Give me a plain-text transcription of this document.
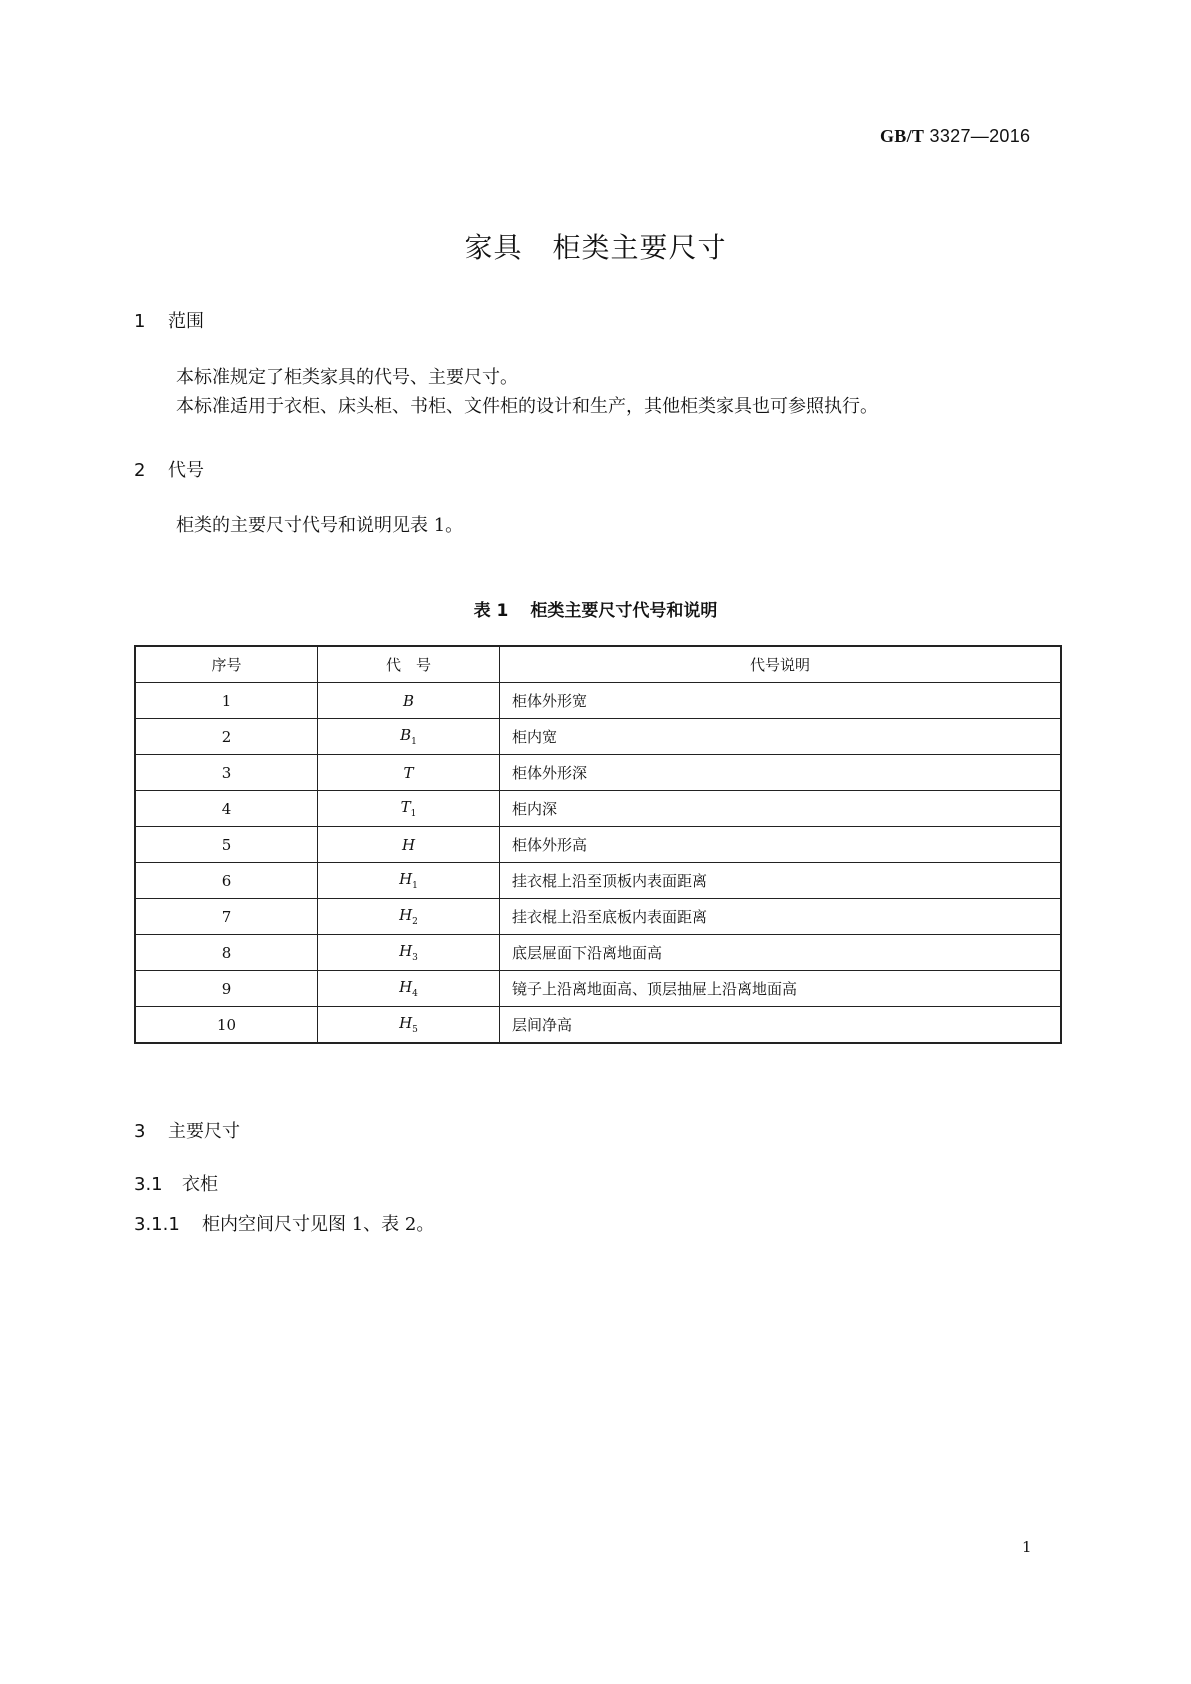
GB/T 3327—2016
家具 柜类主要尺寸
1 范围
本标准规定了柜类家具的代号、主要尺寸。
本标准适用于衣柜、床头柜、书柜、文件柜的设计和生产，其他柜类家具也可参照执行。
2 代号
柜类的主要尺寸代号和说明见表 1。
表 1 柜类主要尺寸代号和说明
序号	代　号	代号说明
1	B	柜体外形宽
2	$B_1$	柜内宽
3	T	柜体外形深
4	$T_1$	柜内深
5	H	柜体外形高
6	$H_1$	挂衣棍上沿至顶板内表面距离
7	$H_2$	挂衣棍上沿至底板内表面距离
8	$H_3$	底层屉面下沿离地面高
9	$H_4$	镜子上沿离地面高、顶层抽屉上沿离地面高
10	$H_5$	层间净高
3 主要尺寸
3.1 衣柜
3.1.1 柜内空间尺寸见图 1、表 2。
1
